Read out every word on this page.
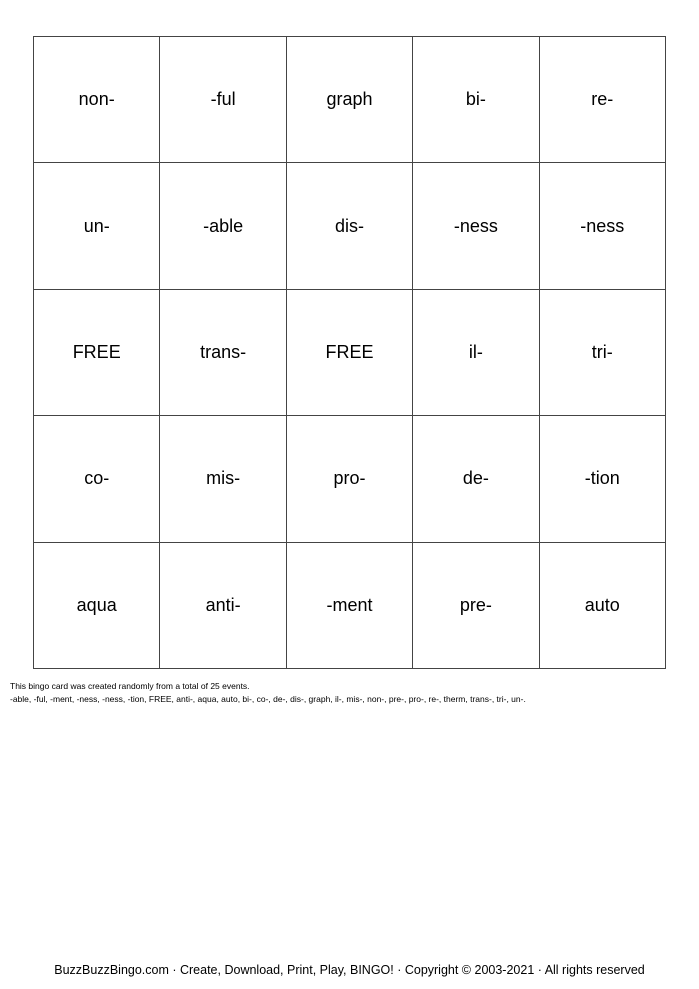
non-	-ful	graph	bi-	re-
un-	-able	dis-	-ness	-ness
FREE	trans-	FREE	il-	tri-
co-	mis-	pro-	de-	-tion
aqua	anti-	-ment	pre-	auto
This bingo card was created randomly from a total of 25 events.
-able, -ful, -ment, -ness, -ness, -tion, FREE, anti-, aqua, auto, bi-, co-, de-, dis-, graph, il-, mis-, non-, pre-, pro-, re-, therm, trans-, tri-, un-.
BuzzBuzzBingo.com · Create, Download, Print, Play, BINGO! · Copyright © 2003-2021 · All rights reserved
